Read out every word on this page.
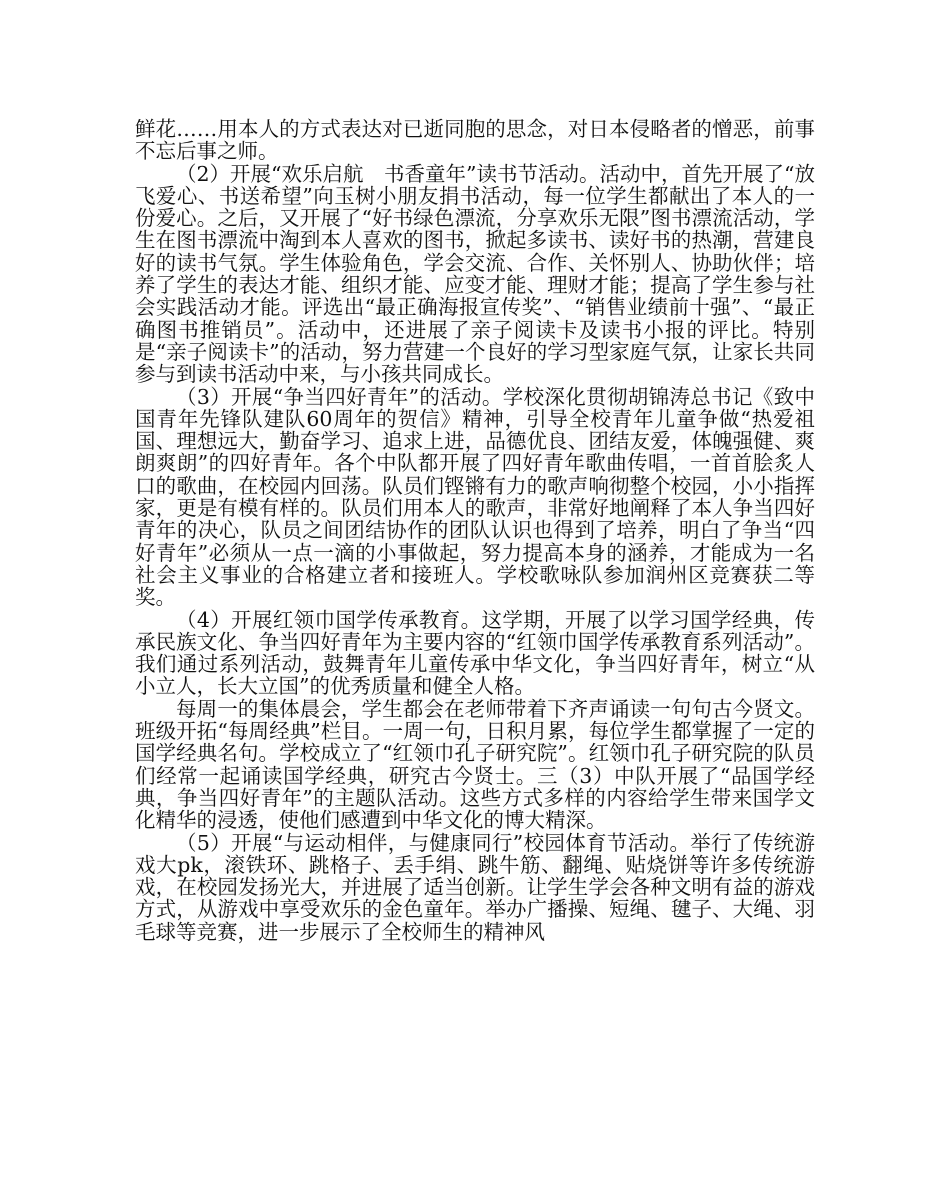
鲜花……用本人的方式表达对已逝同胞的思念，对日本侵略者的憎恶，前事不忘后事之师。

（2）开展“欢乐启航　书香童年”读书节活动。活动中，首先开展了“放飞爱心、书送希望”向玉树小朋友捐书活动，每一位学生都献出了本人的一份爱心。之后，又开展了“好书绿色漂流，分享欢乐无限”图书漂流活动，学生在图书漂流中淘到本人喜欢的图书，掀起多读书、读好书的热潮，营建良好的读书气氛。学生体验角色，学会交流、合作、关怀别人、协助伙伴；培养了学生的表达才能、组织才能、应变才能、理财才能；提高了学生参与社会实践活动才能。评选出“最正确海报宣传奖”、“销售业绩前十强”、“最正确图书推销员”。活动中，还进展了亲子阅读卡及读书小报的评比。特别是“亲子阅读卡”的活动，努力营建一个良好的学习型家庭气氛，让家长共同参与到读书活动中来，与小孩共同成长。

（3）开展“争当四好青年”的活动。学校深化贯彻胡锦涛总书记《致中国青年先锋队建队60周年的贺信》精神，引导全校青年儿童争做“热爱祖国、理想远大，勤奋学习、追求上进，品德优良、团结友爱，体魄强健、爽朗爽朗”的四好青年。各个中队都开展了四好青年歌曲传唱，一首首脍炙人口的歌曲，在校园内回荡。队员们铿锵有力的歌声响彻整个校园，小小指挥家，更是有模有样的。队员们用本人的歌声，非常好地阐释了本人争当四好青年的决心，队员之间团结协作的团队认识也得到了培养，明白了争当“四好青年”必须从一点一滴的小事做起，努力提高本身的涵养，才能成为一名社会主义事业的合格建立者和接班人。学校歌咏队参加润州区竞赛获二等奖。

（4）开展红领巾国学传承教育。这学期，开展了以学习国学经典，传承民族文化、争当四好青年为主要内容的“红领巾国学传承教育系列活动”。我们通过系列活动，鼓舞青年儿童传承中华文化，争当四好青年，树立“从小立人，长大立国”的优秀质量和健全人格。

每周一的集体晨会，学生都会在老师带着下齐声诵读一句句古今贤文。班级开拓“每周经典”栏目。一周一句，日积月累，每位学生都掌握了一定的国学经典名句。学校成立了“红领巾孔子研究院”。红领巾孔子研究院的队员们经常一起诵读国学经典，研究古今贤士。三（3）中队开展了“品国学经典，争当四好青年”的主题队活动。这些方式多样的内容给学生带来国学文化精华的浸透，使他们感遭到中华文化的博大精深。

（5）开展“与运动相伴，与健康同行”校园体育节活动。举行了传统游戏大pk，滚铁环、跳格子、丢手绢、跳牛筋、翻绳、贴烧饼等许多传统游戏，在校园发扬光大，并进展了适当创新。让学生学会各种文明有益的游戏方式，从游戏中享受欢乐的金色童年。举办广播操、短绳、毽子、大绳、羽毛球等竞赛，进一步展示了全校师生的精神风
